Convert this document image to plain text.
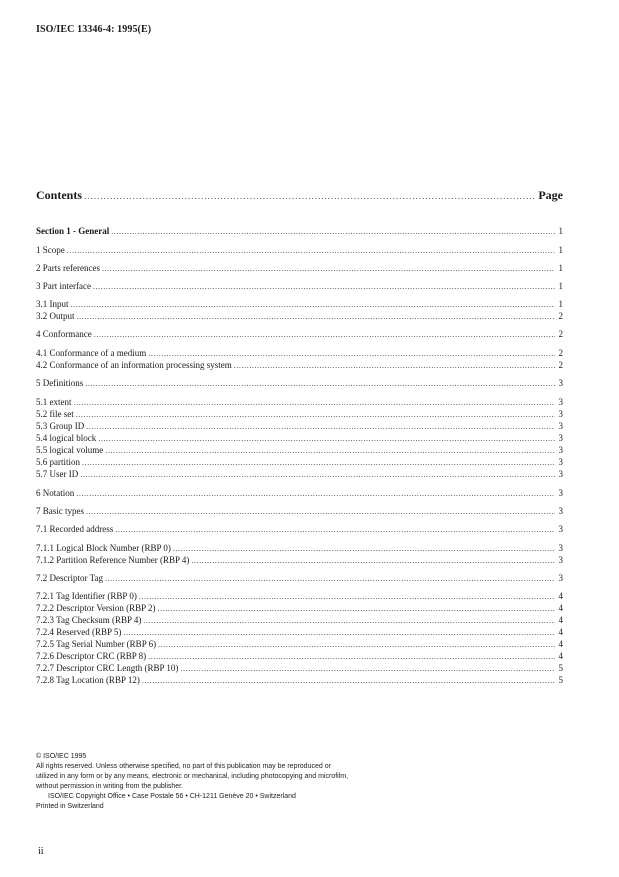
ISO/IEC 13346-4: 1995(E)
Contents .....	Page
Section 1 - General .....	1
1 Scope .....	1
2 Parts references .....	1
3 Part interface .....	1
3.1 Input .....	1
3.2 Output .....	2
4 Conformance .....	2
4.1 Conformance of a medium .....	2
4.2 Conformance of an information processing system .....	2
5 Definitions .....	3
5.1 extent .....	3
5.2 file set .....	3
5.3 Group ID .....	3
5.4 logical block .....	3
5.5 logical volume .....	3
5.6 partition .....	3
5.7 User ID .....	3
6 Notation .....	3
7 Basic types .....	3
7.1 Recorded address .....	3
7.1.1 Logical Block Number (RBP 0) .....	3
7.1.2 Partition Reference Number (RBP 4) .....	3
7.2 Descriptor Tag .....	3
7.2.1 Tag Identifier (RBP 0) .....	4
7.2.2 Descriptor Version (RBP 2) .....	4
7.2.3 Tag Checksum (RBP 4) .....	4
7.2.4 Reserved (RBP 5) .....	4
7.2.5 Tag Serial Number (RBP 6) .....	4
7.2.6 Descriptor CRC (RBP 8) .....	4
7.2.7 Descriptor CRC Length (RBP 10) .....	5
7.2.8 Tag Location (RBP 12) .....	5
© ISO/IEC 1995
All rights reserved. Unless otherwise specified, no part of this publication may be reproduced or
utilized in any form or by any means, electronic or mechanical, including photocopying and microfilm,
without permission in writing from the publisher.
ISO/IEC Copyright Office • Case Postale 56 • CH-1211 Genève 20 • Switzerland
Printed in Switzerland
ii
